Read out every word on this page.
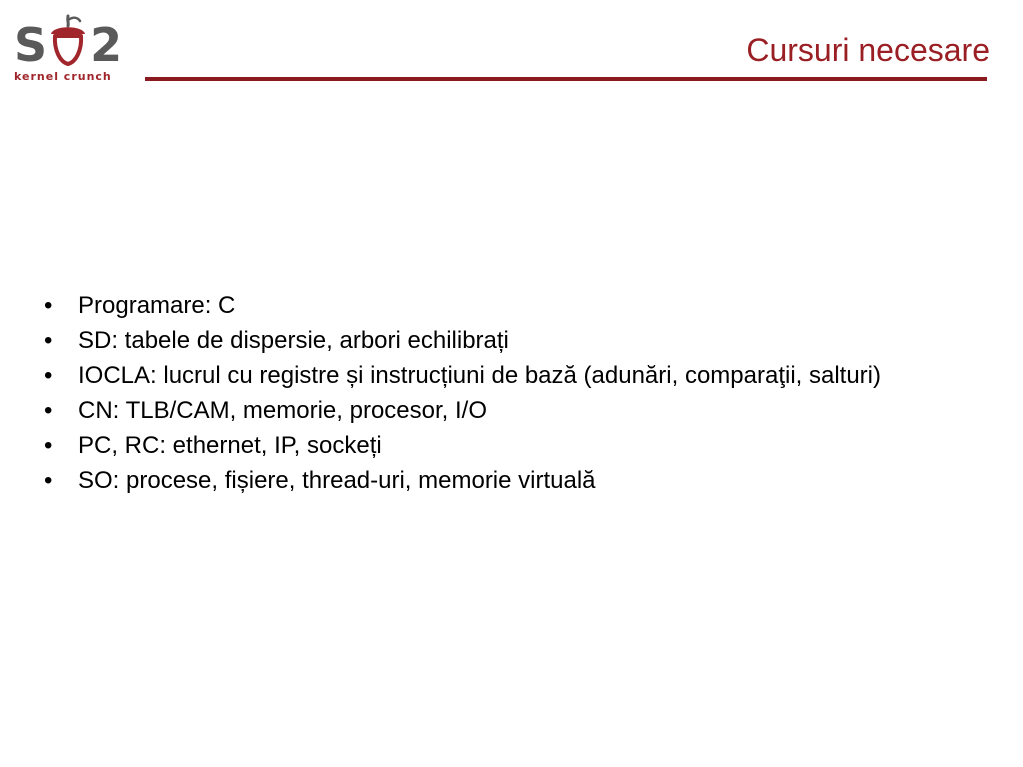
S 2
kernel crunch
Cursuri necesare
• Programare: C
• SD: tabele de dispersie, arbori echilibrați
• IOCLA: lucrul cu registre și instrucțiuni de bază (adunări, comparaţii, salturi)
• CN: TLB/CAM, memorie, procesor, I/O
• PC, RC: ethernet, IP, sockeți
• SO: procese, fișiere, thread-uri, memorie virtuală
